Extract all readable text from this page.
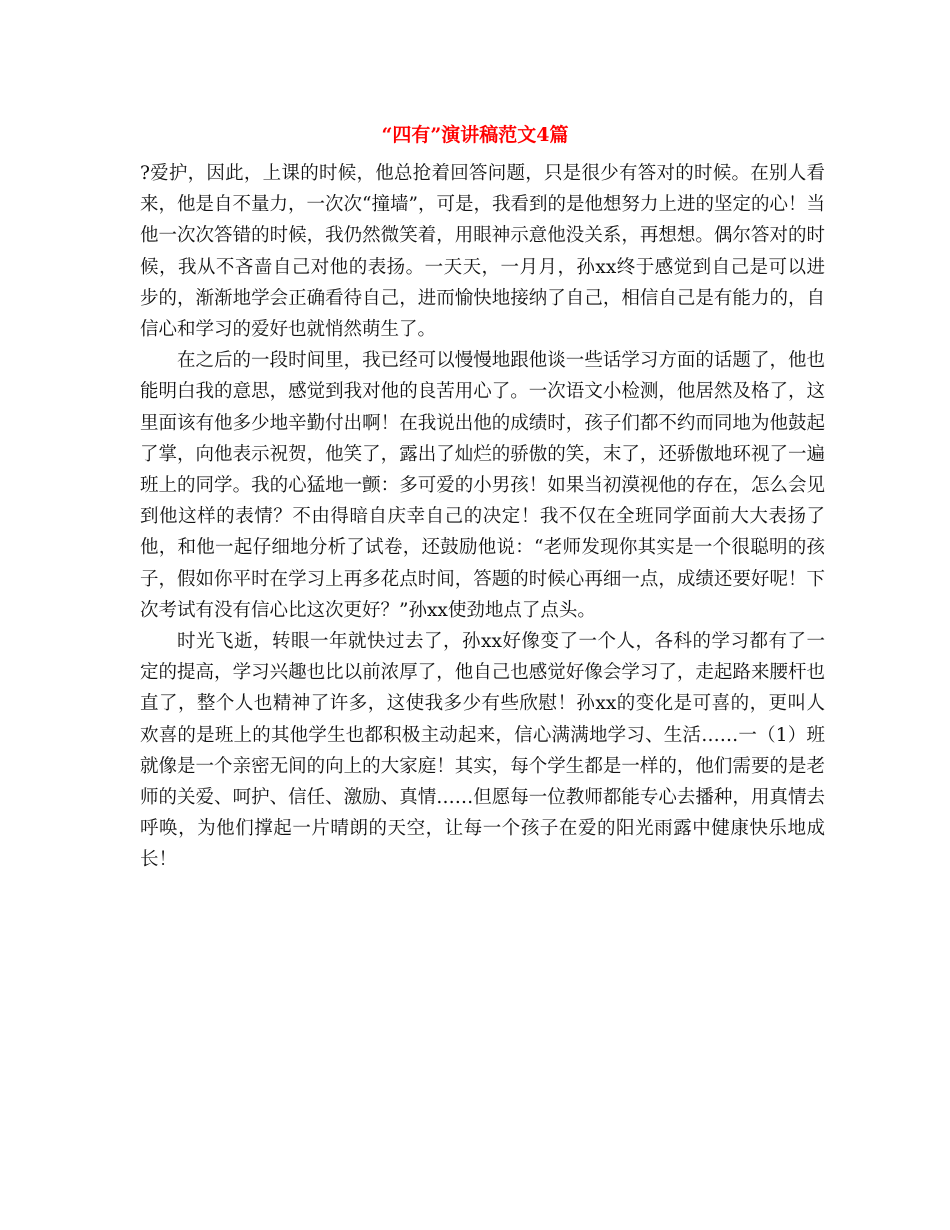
“四有”演讲稿范文4篇

?爱护，因此，上课的时候，他总抢着回答问题，只是很少有答对的时候。在别人看来，他是自不量力，一次次“撞墙”，可是，我看到的是他想努力上进的坚定的心！当他一次次答错的时候，我仍然微笑着，用眼神示意他没关系，再想想。偶尔答对的时候，我从不吝啬自己对他的表扬。一天天，一月月，孙xx终于感觉到自己是可以进步的，渐渐地学会正确看待自己，进而愉快地接纳了自己，相信自己是有能力的，自信心和学习的爱好也就悄然萌生了。

在之后的一段时间里，我已经可以慢慢地跟他谈一些话学习方面的话题了，他也能明白我的意思，感觉到我对他的良苦用心了。一次语文小检测，他居然及格了，这里面该有他多少地辛勤付出啊！在我说出他的成绩时，孩子们都不约而同地为他鼓起了掌，向他表示祝贺，他笑了，露出了灿烂的骄傲的笑，末了，还骄傲地环视了一遍班上的同学。我的心猛地一颤：多可爱的小男孩！如果当初漠视他的存在，怎么会见到他这样的表情？不由得暗自庆幸自己的决定！我不仅在全班同学面前大大表扬了他，和他一起仔细地分析了试卷，还鼓励他说：“老师发现你其实是一个很聪明的孩子，假如你平时在学习上再多花点时间，答题的时候心再细一点，成绩还要好呢！下次考试有没有信心比这次更好？”孙xx使劲地点了点头。

时光飞逝，转眼一年就快过去了，孙xx好像变了一个人，各科的学习都有了一定的提高，学习兴趣也比以前浓厚了，他自己也感觉好像会学习了，走起路来腰杆也直了，整个人也精神了许多，这使我多少有些欣慰！孙xx的变化是可喜的，更叫人欢喜的是班上的其他学生也都积极主动起来，信心满满地学习、生活……一（1）班就像是一个亲密无间的向上的大家庭！其实，每个学生都是一样的，他们需要的是老师的关爱、呵护、信任、激励、真情……但愿每一位教师都能专心去播种，用真情去呼唤，为他们撑起一片晴朗的天空，让每一个孩子在爱的阳光雨露中健康快乐地成长！
